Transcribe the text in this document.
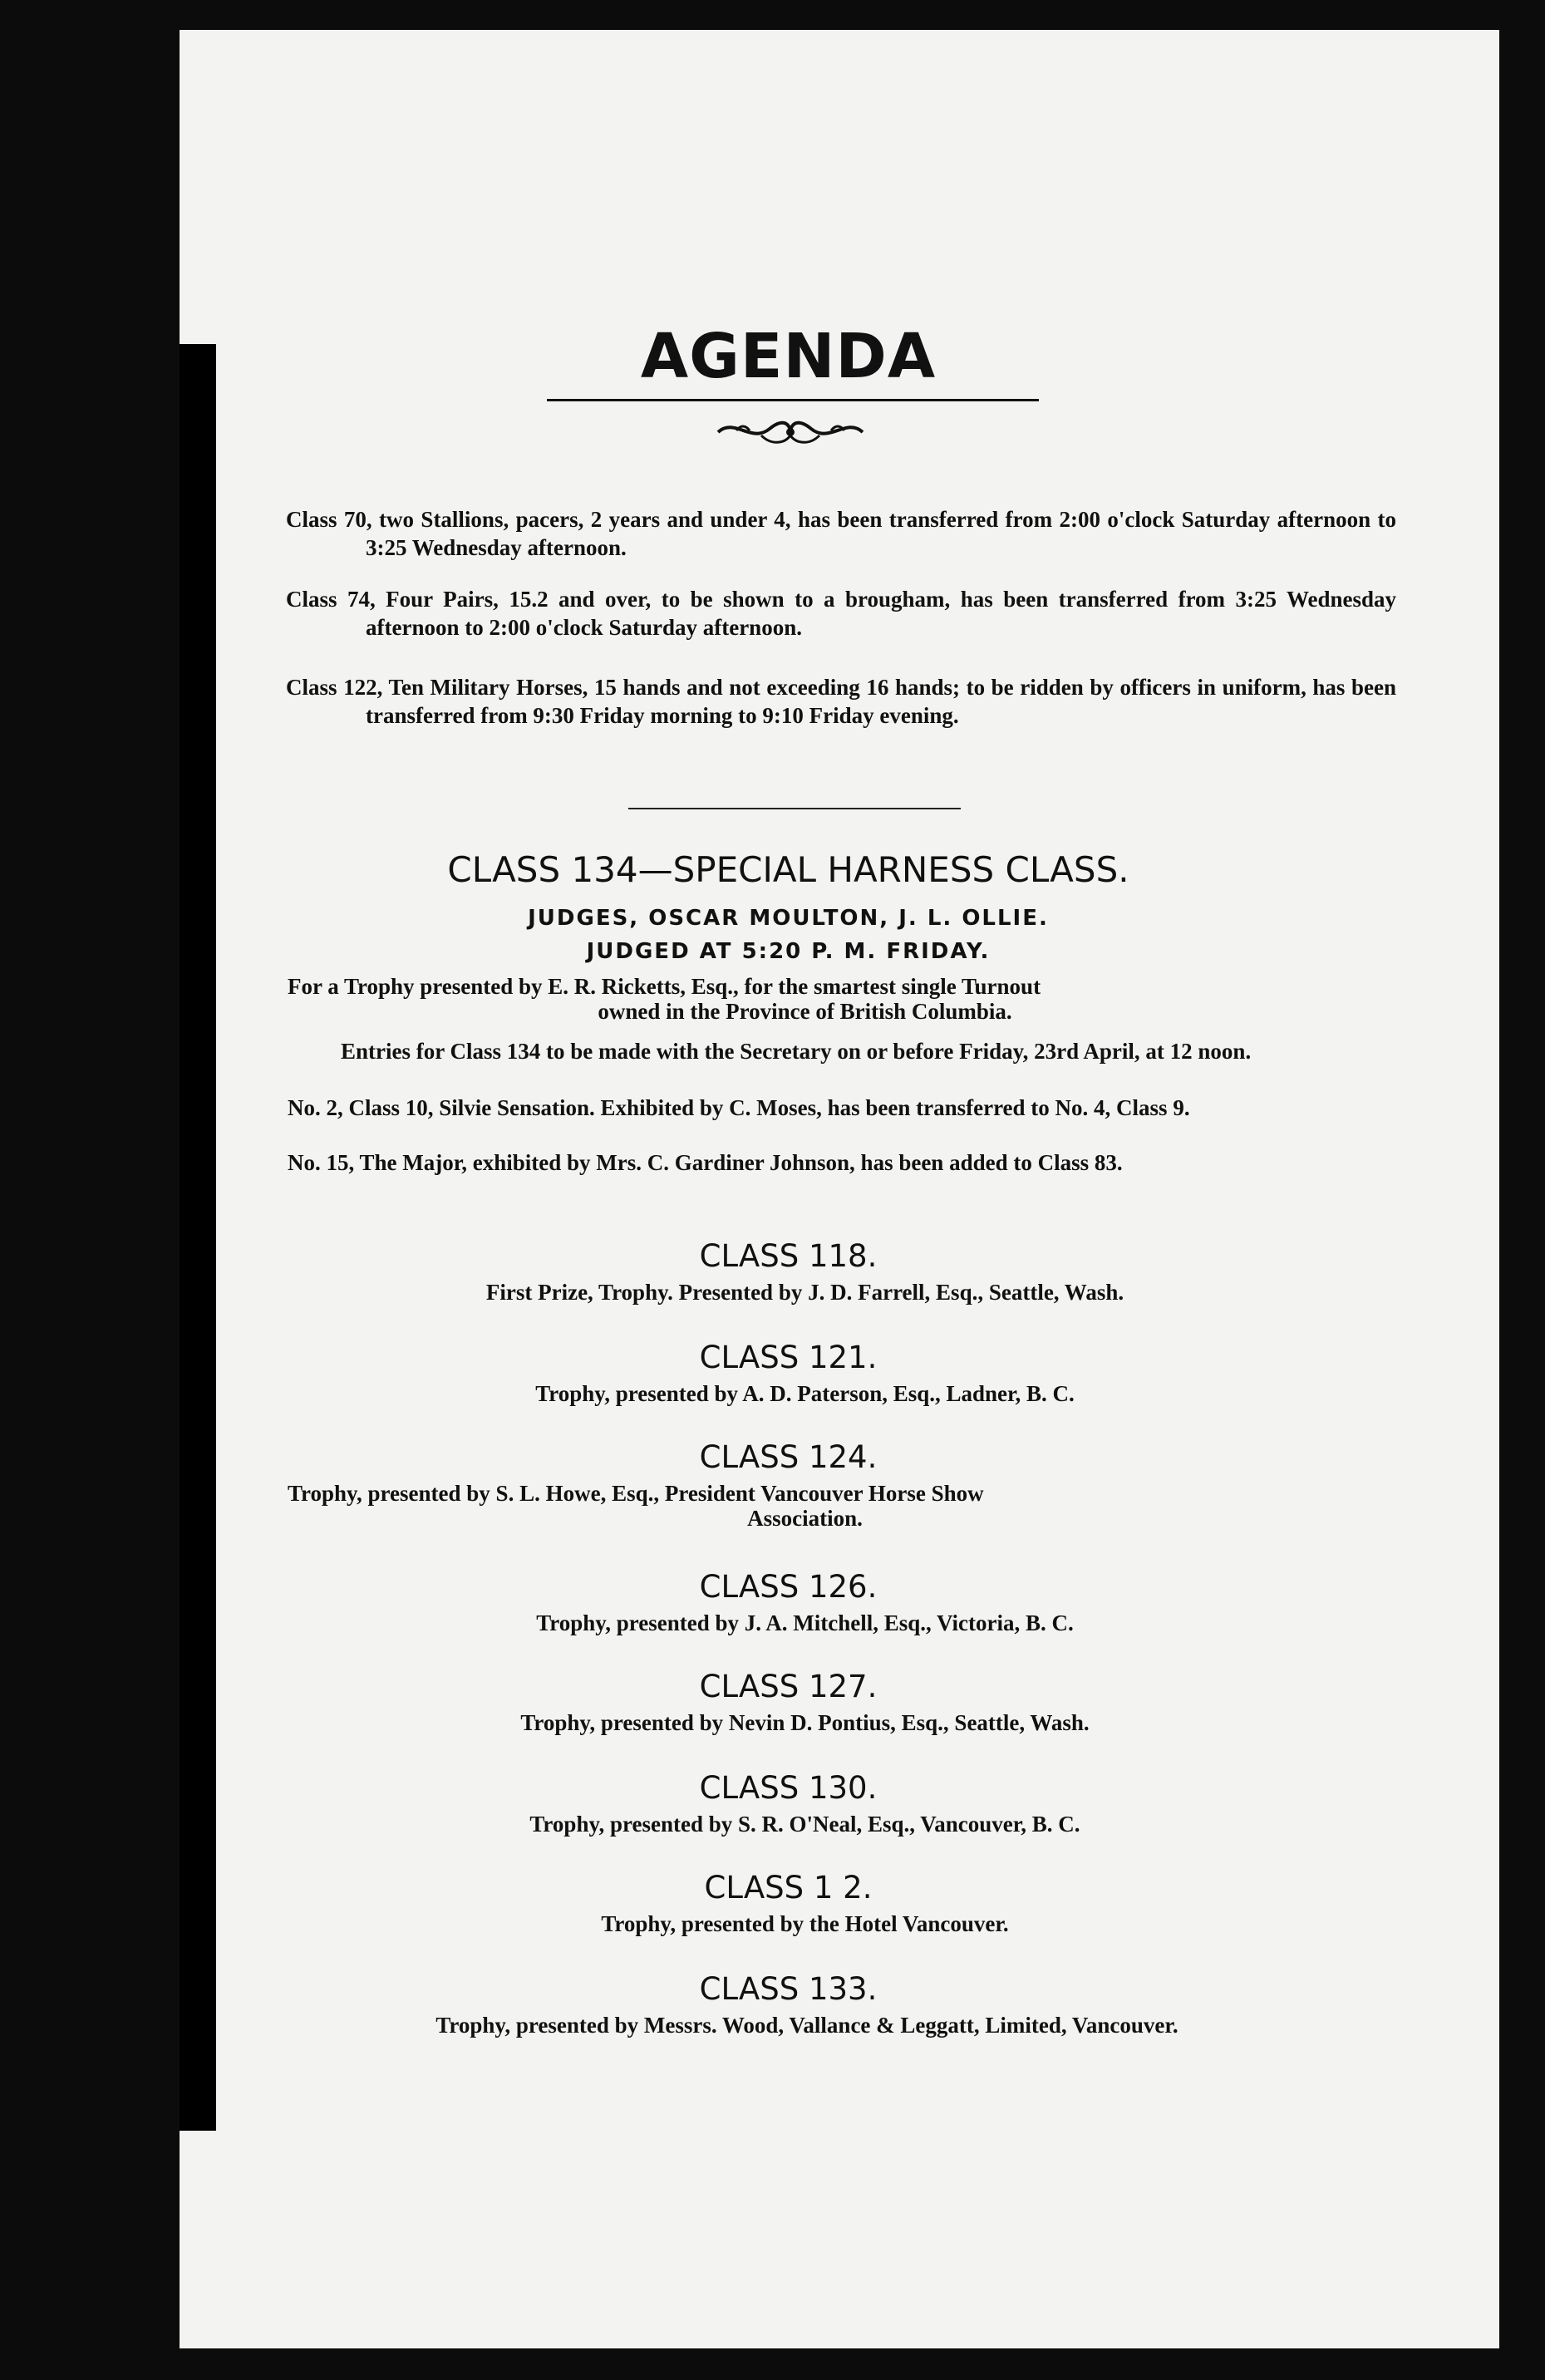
AGENDA

Class 70, two Stallions, pacers, 2 years and under 4, has been transferred from 2:00 o'clock Saturday afternoon to 3:25 Wednesday afternoon.

Class 74, Four Pairs, 15.2 and over, to be shown to a brougham, has been transferred from 3:25 Wednesday afternoon to 2:00 o'clock Saturday afternoon.

Class 122, Ten Military Horses, 15 hands and not exceeding 16 hands; to be ridden by officers in uniform, has been transferred from 9:30 Friday morning to 9:10 Friday evening.

CLASS 134—SPECIAL HARNESS CLASS.

JUDGES, OSCAR MOULTON, J. L. OLLIE.

JUDGED AT 5:20 P. M. FRIDAY.

For a Trophy presented by E. R. Ricketts, Esq., for the smartest single Turnout
owned in the Province of British Columbia.

Entries for Class 134 to be made with the Secretary on or before Friday, 23rd April, at 12 noon.

No. 2, Class 10, Silvie Sensation. Exhibited by C. Moses, has been transferred to No. 4, Class 9.

No. 15, The Major, exhibited by Mrs. C. Gardiner Johnson, has been added to Class 83.

CLASS 118.

First Prize, Trophy. Presented by J. D. Farrell, Esq., Seattle, Wash.

CLASS 121.

Trophy, presented by A. D. Paterson, Esq., Ladner, B. C.

CLASS 124.

Trophy, presented by S. L. Howe, Esq., President Vancouver Horse Show
Association.

CLASS 126.

Trophy, presented by J. A. Mitchell, Esq., Victoria, B. C.

CLASS 127.

Trophy, presented by Nevin D. Pontius, Esq., Seattle, Wash.

CLASS 130.

Trophy, presented by S. R. O'Neal, Esq., Vancouver, B. C.

CLASS 1 2.

Trophy, presented by the Hotel Vancouver.

CLASS 133.

Trophy, presented by Messrs. Wood, Vallance & Leggatt, Limited, Vancouver.
